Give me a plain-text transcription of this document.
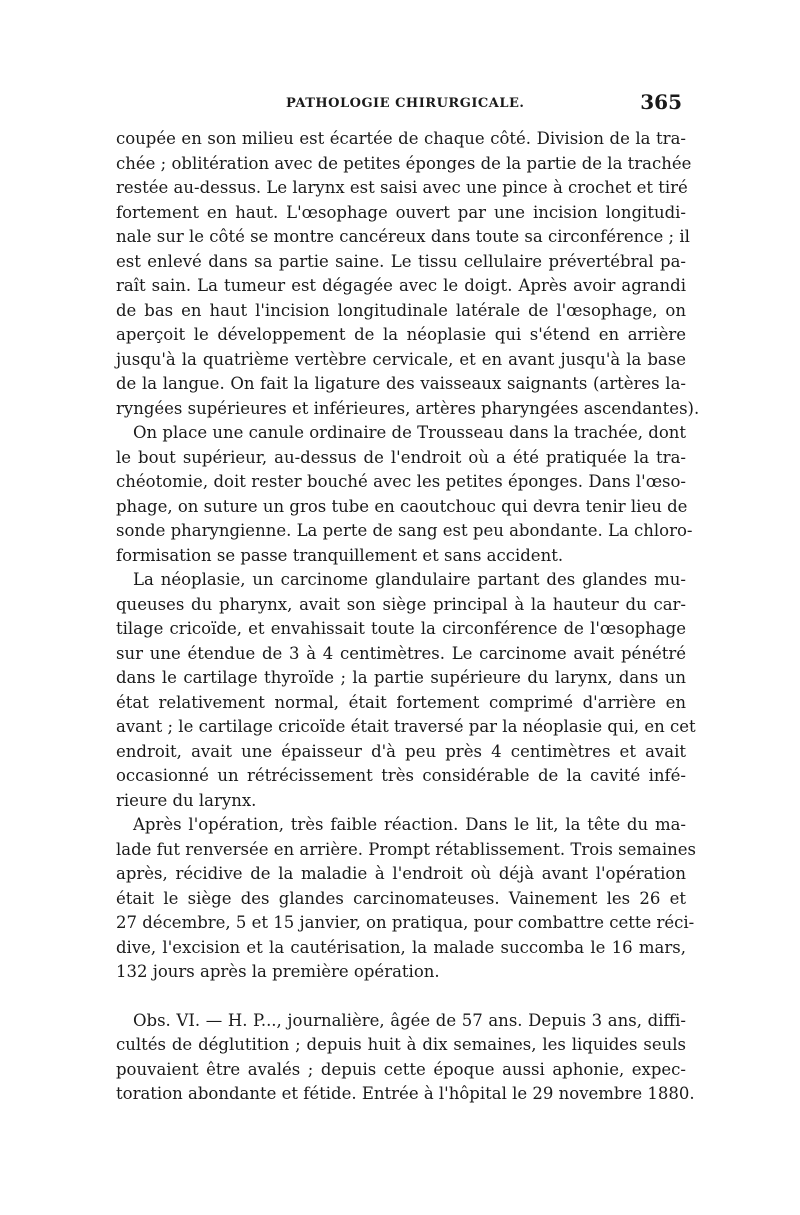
PATHOLOGIE CHIRURGICALE.	365
coupée en son milieu est écartée de chaque côté. Division de la tra-
chée ; oblitération avec de petites éponges de la partie de la trachée
restée au-dessus. Le larynx est saisi avec une pince à crochet et tiré
fortement en haut. L'œsophage ouvert par une incision longitudi-
nale sur le côté se montre cancéreux dans toute sa circonférence ; il
est enlevé dans sa partie saine. Le tissu cellulaire prévertébral pa-
raît sain. La tumeur est dégagée avec le doigt. Après avoir agrandi
de bas en haut l'incision longitudinale latérale de l'œsophage, on
aperçoit le développement de la néoplasie qui s'étend en arrière
jusqu'à la quatrième vertèbre cervicale, et en avant jusqu'à la base
de la langue. On fait la ligature des vaisseaux saignants (artères la-
ryngées supérieures et inférieures, artères pharyngées ascendantes).
On place une canule ordinaire de Trousseau dans la trachée, dont
le bout supérieur, au-dessus de l'endroit où a été pratiquée la tra-
chéotomie, doit rester bouché avec les petites éponges. Dans l'œso-
phage, on suture un gros tube en caoutchouc qui devra tenir lieu de
sonde pharyngienne. La perte de sang est peu abondante. La chloro-
formisation se passe tranquillement et sans accident.
La néoplasie, un carcinome glandulaire partant des glandes mu-
queuses du pharynx, avait son siège principal à la hauteur du car-
tilage cricoïde, et envahissait toute la circonférence de l'œsophage
sur une étendue de 3 à 4 centimètres. Le carcinome avait pénétré
dans le cartilage thyroïde ; la partie supérieure du larynx, dans un
état relativement normal, était fortement comprimé d'arrière en
avant ; le cartilage cricoïde était traversé par la néoplasie qui, en cet
endroit, avait une épaisseur d'à peu près 4 centimètres et avait
occasionné un rétrécissement très considérable de la cavité infé-
rieure du larynx.
Après l'opération, très faible réaction. Dans le lit, la tête du ma-
lade fut renversée en arrière. Prompt rétablissement. Trois semaines
après, récidive de la maladie à l'endroit où déjà avant l'opération
était le siège des glandes carcinomateuses. Vainement les 26 et
27 décembre, 5 et 15 janvier, on pratiqua, pour combattre cette réci-
dive, l'excision et la cautérisation, la malade succomba le 16 mars,
132 jours après la première opération.
Obs. VI. — H. P..., journalière, âgée de 57 ans. Depuis 3 ans, diffi-
cultés de déglutition ; depuis huit à dix semaines, les liquides seuls
pouvaient être avalés ; depuis cette époque aussi aphonie, expec-
toration abondante et fétide. Entrée à l'hôpital le 29 novembre 1880.
